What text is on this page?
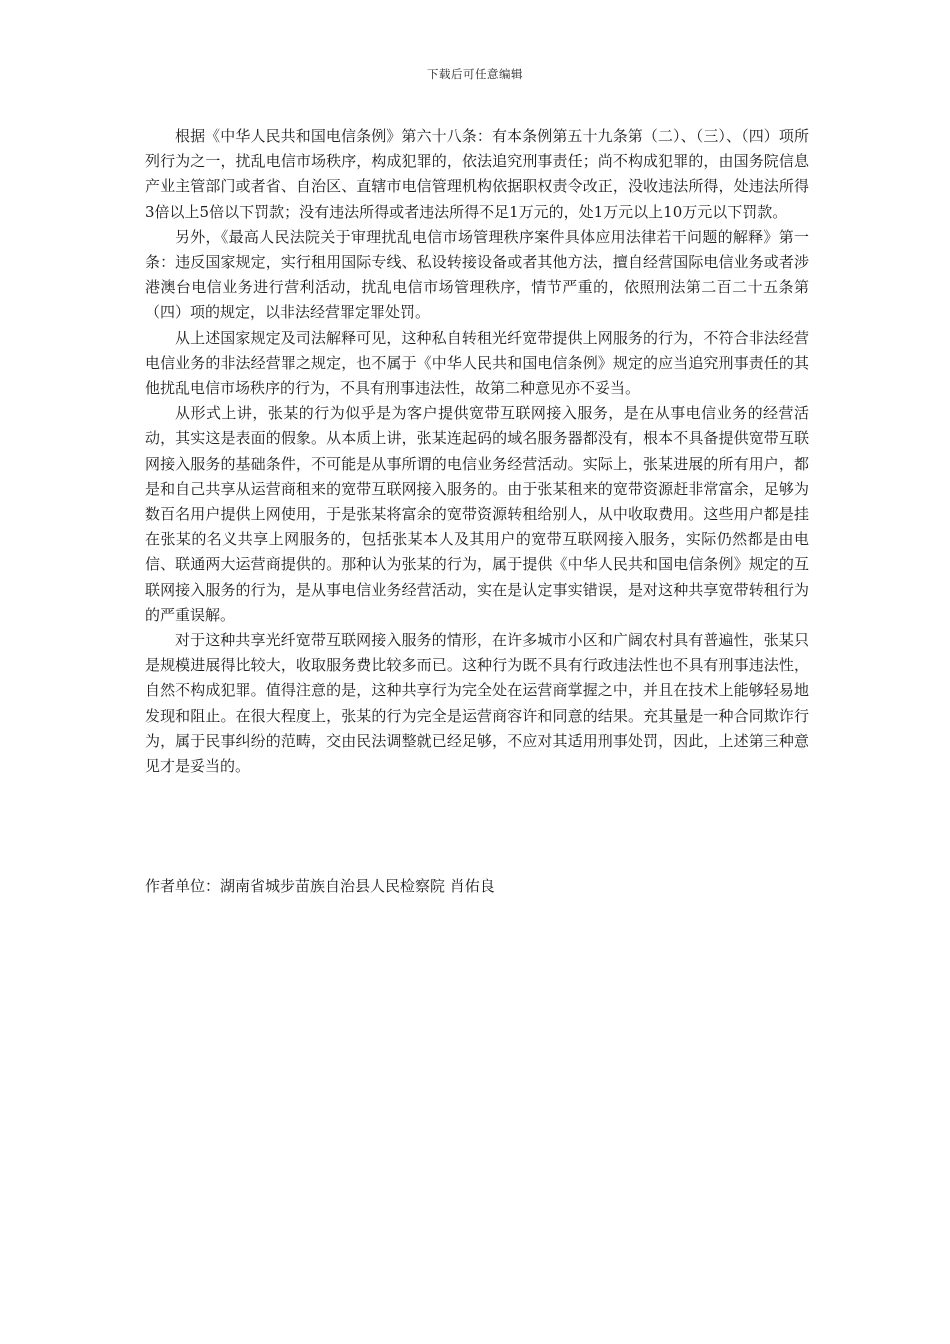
下载后可任意编辑

根据《中华人民共和国电信条例》第六十八条：有本条例第五十九条第（二）、（三）、（四）项所列行为之一，扰乱电信市场秩序，构成犯罪的，依法追究刑事责任；尚不构成犯罪的，由国务院信息产业主管部门或者省、自治区、直辖市电信管理机构依据职权责令改正，没收违法所得，处违法所得3倍以上5倍以下罚款；没有违法所得或者违法所得不足1万元的，处1万元以上10万元以下罚款。

另外，《最高人民法院关于审理扰乱电信市场管理秩序案件具体应用法律若干问题的解释》第一条：违反国家规定，实行租用国际专线、私设转接设备或者其他方法，擅自经营国际电信业务或者涉港澳台电信业务进行营利活动，扰乱电信市场管理秩序，情节严重的，依照刑法第二百二十五条第（四）项的规定，以非法经营罪定罪处罚。

从上述国家规定及司法解释可见，这种私自转租光纤宽带提供上网服务的行为，不符合非法经营电信业务的非法经营罪之规定，也不属于《中华人民共和国电信条例》规定的应当追究刑事责任的其他扰乱电信市场秩序的行为，不具有刑事违法性，故第二种意见亦不妥当。

从形式上讲，张某的行为似乎是为客户提供宽带互联网接入服务，是在从事电信业务的经营活动，其实这是表面的假象。从本质上讲，张某连起码的域名服务器都没有，根本不具备提供宽带互联网接入服务的基础条件，不可能是从事所谓的电信业务经营活动。实际上，张某进展的所有用户，都是和自己共享从运营商租来的宽带互联网接入服务的。由于张某租来的宽带资源赶非常富余，足够为数百名用户提供上网使用，于是张某将富余的宽带资源转租给别人，从中收取费用。这些用户都是挂在张某的名义共享上网服务的，包括张某本人及其用户的宽带互联网接入服务，实际仍然都是由电信、联通两大运营商提供的。那种认为张某的行为，属于提供《中华人民共和国电信条例》规定的互联网接入服务的行为，是从事电信业务经营活动，实在是认定事实错误，是对这种共享宽带转租行为的严重误解。

对于这种共享光纤宽带互联网接入服务的情形，在许多城市小区和广阔农村具有普遍性，张某只是规模进展得比较大，收取服务费比较多而已。这种行为既不具有行政违法性也不具有刑事违法性，自然不构成犯罪。值得注意的是，这种共享行为完全处在运营商掌握之中，并且在技术上能够轻易地发现和阻止。在很大程度上，张某的行为完全是运营商容许和同意的结果。充其量是一种合同欺诈行为，属于民事纠纷的范畴，交由民法调整就已经足够，不应对其适用刑事处罚，因此，上述第三种意见才是妥当的。

作者单位：湖南省城步苗族自治县人民检察院 肖佑良
